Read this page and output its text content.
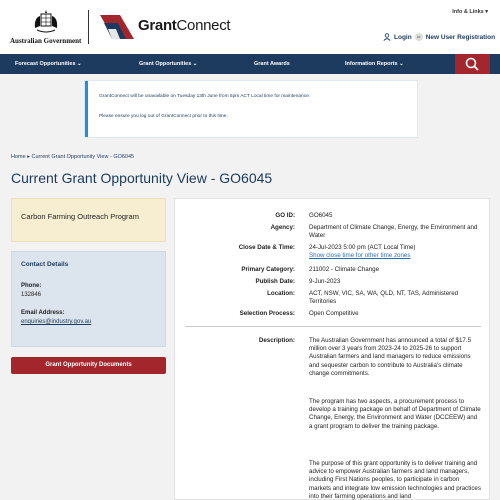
Australian Government
GrantConnect
Info & Links ▾
Login	or New User Registration
Forecast Opportunities ⌄	Grant Opportunities ⌄	Grant Awards	Information Reports ⌄

GrantConnect will be unavailable on Tuesday 13th June from 5pm ACT Local time for maintenance.

Please ensure you log out of GrantConnect prior to this time.

Home ▸ Current Grant Opportunity View - GO6045
Current Grant Opportunity View - GO6045
Carbon Farming Outreach Program
Contact Details
Phone:
132846
Email Address:
enquiries@industry.gov.au
Grant Opportunity Documents
GO ID: GO6045
Agency: Department of Climate Change, Energy, the Environment and Water
Close Date & Time: 24-Jul-2023 5:00 pm (ACT Local Time)
Show close time for other time zones
Primary Category: 211002 - Climate Change
Publish Date: 9-Jun-2023
Location: ACT, NSW, VIC, SA, WA, QLD, NT, TAS, Administered Territories
Selection Process: Open Competitive
Description: The Australian Government has announced a total of $17.5 million over 3 years from 2023-24 to 2025-26 to support Australian farmers and land managers to reduce emissions and sequester carbon to contribute to Australia's climate change commitments.

The program has two aspects, a procurement process to develop a training package on behalf of Department of Climate Change, Energy, the Environment and Water (DCCEEW) and a grant program to deliver the training package.

The purpose of this grant opportunity is to deliver training and advice to empower Australian farmers and land managers, including First Nations peoples, to participate in carbon markets and integrate low emission technologies and practices into their farming operations and land
